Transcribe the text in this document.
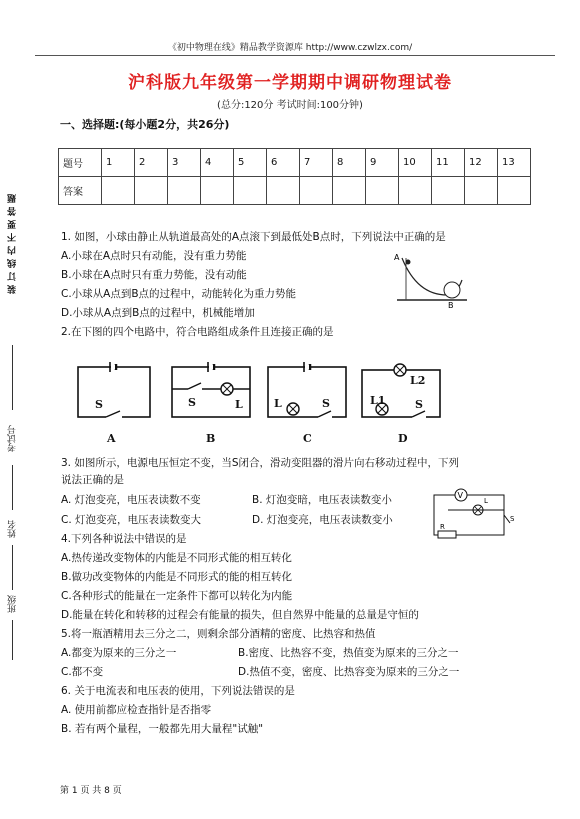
《初中物理在线》精品教学资源库 http://www.czwlzx.com/
沪科版九年级第一学期期中调研物理试卷
(总分:120分 考试时间:100分钟)
一、选择题:(每小题2分，共26分)
题号	1	2	3	4	5	6	7	8	9	10	11	12	13
答案													
装订线内不要答题
考试号
姓名
班级
1. 如图，小球由静止从轨道最高处的A点滚下到最低处B点时，下列说法中正确的是
A.小球在A点时只有动能，没有重力势能
B.小球在A点时只有重力势能，没有动能
C.小球从A点到B点的过程中，动能转化为重力势能
D.小球从A点到B点的过程中，机械能增加
A
B
2.在下图的四个电路中，符合电路组成条件且连接正确的是
S	S	L	L	S	L1	S
L2
A	B	C	D
3. 如图所示，电源电压恒定不变，当S闭合，滑动变阻器的滑片向右移动过程中，下列
说法正确的是
A. 灯泡变亮，电压表读数不变	B. 灯泡变暗，电压表读数变小
C. 灯泡变亮，电压表读数变大	D. 灯泡变亮，电压表读数变小
V
L
R
S
4.下列各种说法中错误的是
A.热传递改变物体的内能是不同形式能的相互转化
B.做功改变物体的内能是不同形式的能的相互转化
C.各种形式的能量在一定条件下都可以转化为内能
D.能量在转化和转移的过程会有能量的损失，但自然界中能量的总量是守恒的
5.将一瓶酒精用去三分之二，则剩余部分酒精的密度、比热容和热值
A.都变为原来的三分之一	B.密度、比热容不变，热值变为原来的三分之一
C.都不变	D.热值不变，密度、比热容变为原来的三分之一
6. 关于电流表和电压表的使用，下列说法错误的是
A. 使用前都应检查指针是否指零
B. 若有两个量程，一般都先用大量程"试触"
第 1 页 共 8 页
